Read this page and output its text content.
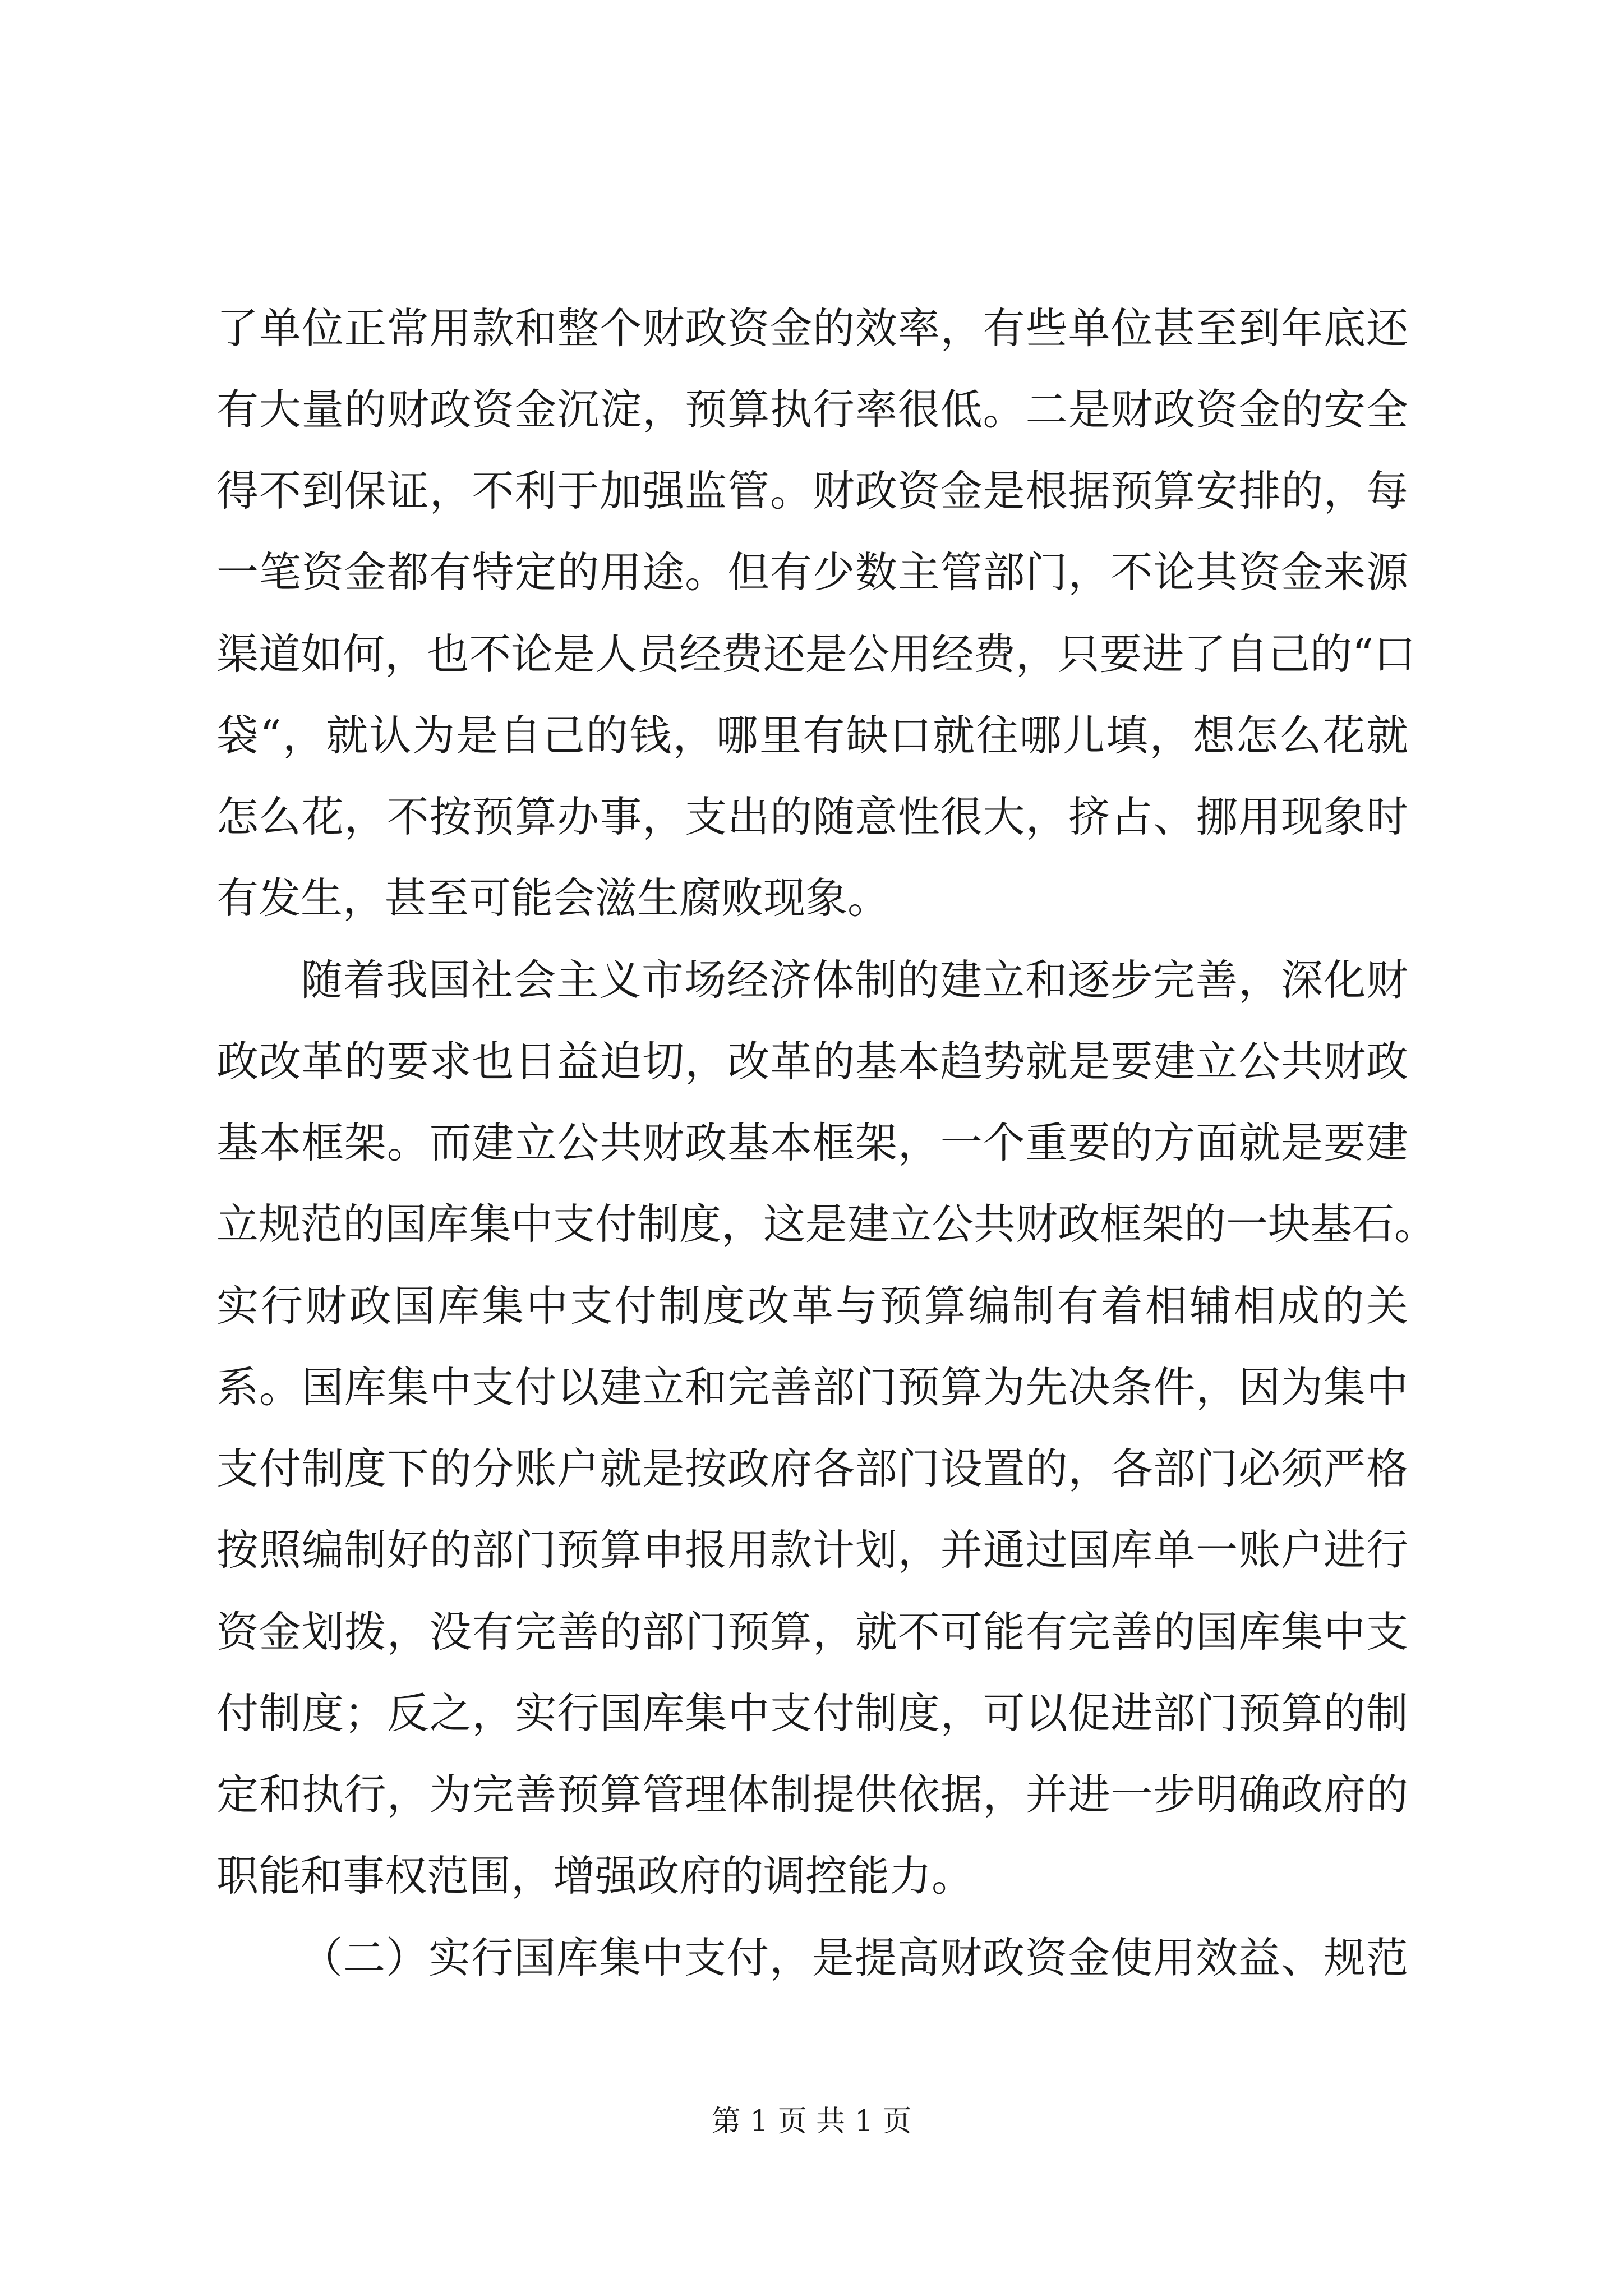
了单位正常用款和整个财政资金的效率，有些单位甚至到年底还
有大量的财政资金沉淀，预算执行率很低。二是财政资金的安全
得不到保证，不利于加强监管。财政资金是根据预算安排的，每
一笔资金都有特定的用途。但有少数主管部门，不论其资金来源
渠道如何，也不论是人员经费还是公用经费，只要进了自己的“口
袋“，就认为是自己的钱，哪里有缺口就往哪儿填，想怎么花就
怎么花，不按预算办事，支出的随意性很大，挤占、挪用现象时
有发生，甚至可能会滋生腐败现象。
随着我国社会主义市场经济体制的建立和逐步完善，深化财
政改革的要求也日益迫切，改革的基本趋势就是要建立公共财政
基本框架。而建立公共财政基本框架，一个重要的方面就是要建
立规范的国库集中支付制度，这是建立公共财政框架的一块基石。
实行财政国库集中支付制度改革与预算编制有着相辅相成的关
系。国库集中支付以建立和完善部门预算为先决条件，因为集中
支付制度下的分账户就是按政府各部门设置的，各部门必须严格
按照编制好的部门预算申报用款计划，并通过国库单一账户进行
资金划拨，没有完善的部门预算，就不可能有完善的国库集中支
付制度；反之，实行国库集中支付制度，可以促进部门预算的制
定和执行，为完善预算管理体制提供依据，并进一步明确政府的
职能和事权范围，增强政府的调控能力。
（二）实行国库集中支付，是提高财政资金使用效益、规范
第 1 页 共 1 页
